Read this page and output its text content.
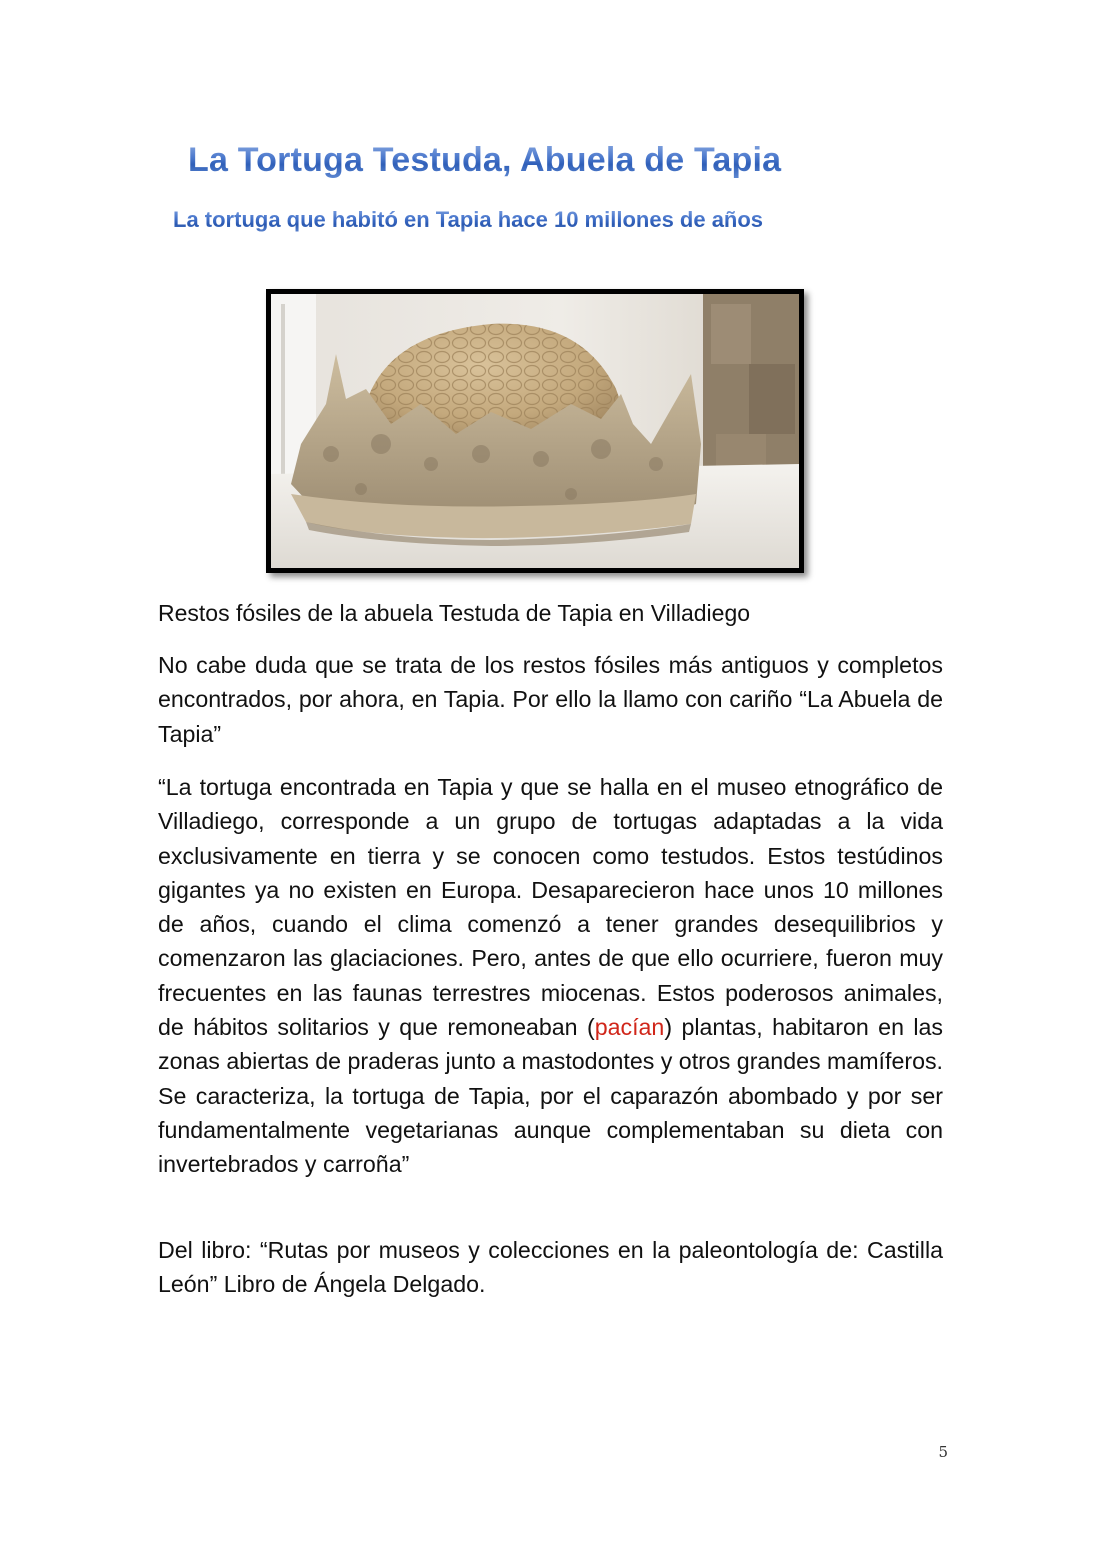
La Tortuga Testuda, Abuela de Tapia
La tortuga que habitó en Tapia hace 10 millones de años

Restos fósiles de la abuela Testuda de Tapia en Villadiego

No cabe duda que se trata de los restos fósiles más antiguos y completos encontrados, por ahora, en Tapia. Por ello la llamo con cariño “La Abuela de Tapia”

“La tortuga encontrada en Tapia y que se halla en el museo etnográfico de Villadiego, corresponde a un grupo de tortugas adaptadas a la vida exclusivamente en tierra y se conocen como testudos. Estos testúdinos gigantes ya no existen en Europa. Desaparecieron hace unos 10 millones de años, cuando el clima comenzó a tener grandes desequilibrios y comenzaron las glaciaciones. Pero, antes de que ello ocurriere, fueron muy frecuentes en las faunas terrestres miocenas. Estos poderosos animales, de hábitos solitarios y que remoneaban (pacían) plantas, habitaron en las zonas abiertas de praderas junto a mastodontes y otros grandes mamíferos. Se caracteriza, la tortuga de Tapia, por el caparazón abombado y por ser fundamentalmente vegetarianas aunque complementaban su dieta con invertebrados y carroña”

Del libro: “Rutas por museos y colecciones en la paleontología de: Castilla León” Libro de Ángela Delgado.

5
